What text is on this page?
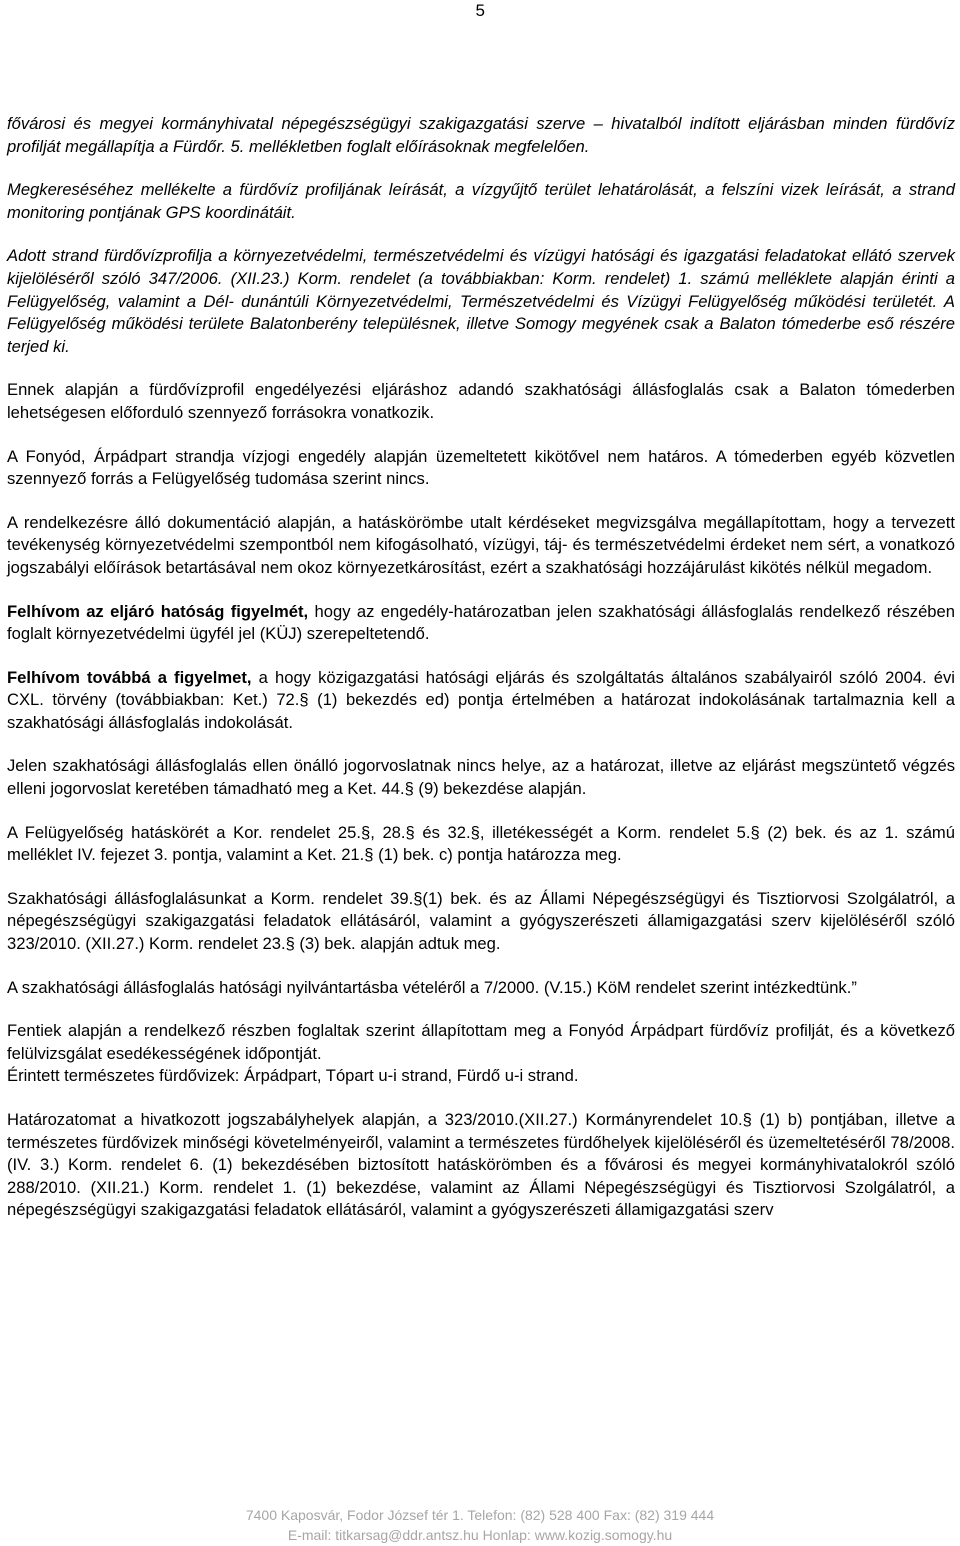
5

fővárosi és megyei kormányhivatal népegészségügyi szakigazgatási szerve – hivatalból indított eljárásban minden fürdővíz profilját megállapítja a Fürdőr. 5. mellékletben foglalt előírásoknak megfelelően.

Megkereséséhez mellékelte a fürdővíz profiljának leírását, a vízgyűjtő terület lehatárolását, a felszíni vizek leírását, a strand monitoring pontjának GPS koordinátáit.

Adott strand fürdővízprofilja a környezetvédelmi, természetvédelmi és vízügyi hatósági és igazgatási feladatokat ellátó szervek kijelöléséről szóló 347/2006. (XII.23.) Korm. rendelet (a továbbiakban: Korm. rendelet) 1. számú melléklete alapján érinti a Felügyelőség, valamint a Dél- dunántúli Környezetvédelmi, Természetvédelmi és Vízügyi Felügyelőség működési területét. A Felügyelőség működési területe Balatonberény településnek, illetve Somogy megyének csak a Balaton tómederbe eső részére terjed ki.

Ennek alapján a fürdővízprofil engedélyezési eljáráshoz adandó szakhatósági állásfoglalás csak a Balaton tómederben lehetségesen előforduló szennyező forrásokra vonatkozik.

A Fonyód, Árpádpart strandja vízjogi engedély alapján üzemeltetett kikötővel nem határos. A tómederben egyéb közvetlen szennyező forrás a Felügyelőség tudomása szerint nincs.

A rendelkezésre álló dokumentáció alapján, a hatáskörömbe utalt kérdéseket megvizsgálva megállapítottam, hogy a tervezett tevékenység környezetvédelmi szempontból nem kifogásolható, vízügyi, táj- és természetvédelmi érdeket nem sért, a vonatkozó jogszabályi előírások betartásával nem okoz környezetkárosítást, ezért a szakhatósági hozzájárulást kikötés nélkül megadom.

Felhívom az eljáró hatóság figyelmét, hogy az engedély-határozatban jelen szakhatósági állásfoglalás rendelkező részében foglalt környezetvédelmi ügyfél jel (KÜJ) szerepeltetendő.

Felhívom továbbá a figyelmet, a hogy közigazgatási hatósági eljárás és szolgáltatás általános szabályairól szóló 2004. évi CXL. törvény (továbbiakban: Ket.) 72.§ (1) bekezdés ed) pontja értelmében a határozat indokolásának tartalmaznia kell a szakhatósági állásfoglalás indokolását.

Jelen szakhatósági állásfoglalás ellen önálló jogorvoslatnak nincs helye, az a határozat, illetve az eljárást megszüntető végzés elleni jogorvoslat keretében támadható meg a Ket. 44.§ (9) bekezdése alapján.

A Felügyelőség hatáskörét a Kor. rendelet 25.§, 28.§ és 32.§, illetékességét a Korm. rendelet 5.§ (2) bek. és az 1. számú melléklet IV. fejezet 3. pontja, valamint a Ket. 21.§ (1) bek. c) pontja határozza meg.

Szakhatósági állásfoglalásunkat a Korm. rendelet 39.§(1) bek. és az Állami Népegészségügyi és Tisztiorvosi Szolgálatról, a népegészségügyi szakigazgatási feladatok ellátásáról, valamint a gyógyszerészeti államigazgatási szerv kijelöléséről szóló 323/2010. (XII.27.) Korm. rendelet 23.§ (3) bek. alapján adtuk meg.

A szakhatósági állásfoglalás hatósági nyilvántartásba vételéről a 7/2000. (V.15.) KöM rendelet szerint intézkedtünk.”

Fentiek alapján a rendelkező részben foglaltak szerint állapítottam meg a Fonyód Árpádpart fürdővíz profilját, és a következő felülvizsgálat esedékességének időpontját.

Érintett természetes fürdővizek: Árpádpart, Tópart u-i strand, Fürdő u-i strand.

Határozatomat a hivatkozott jogszabályhelyek alapján, a 323/2010.(XII.27.) Kormányrendelet 10.§ (1) b) pontjában, illetve a természetes fürdővizek minőségi követelményeiről, valamint a természetes fürdőhelyek kijelöléséről és üzemeltetéséről 78/2008. (IV. 3.) Korm. rendelet 6. (1) bekezdésében biztosított hatáskörömben és a fővárosi és megyei kormányhivatalokról szóló 288/2010. (XII.21.) Korm. rendelet 1. (1) bekezdése, valamint az Állami Népegészségügyi és Tisztiorvosi Szolgálatról, a népegészségügyi szakigazgatási feladatok ellátásáról, valamint a gyógyszerészeti államigazgatási szerv

7400 Kaposvár, Fodor József tér 1. Telefon: (82) 528 400 Fax: (82) 319 444
E-mail: titkarsag@ddr.antsz.hu Honlap: www.kozig.somogy.hu
